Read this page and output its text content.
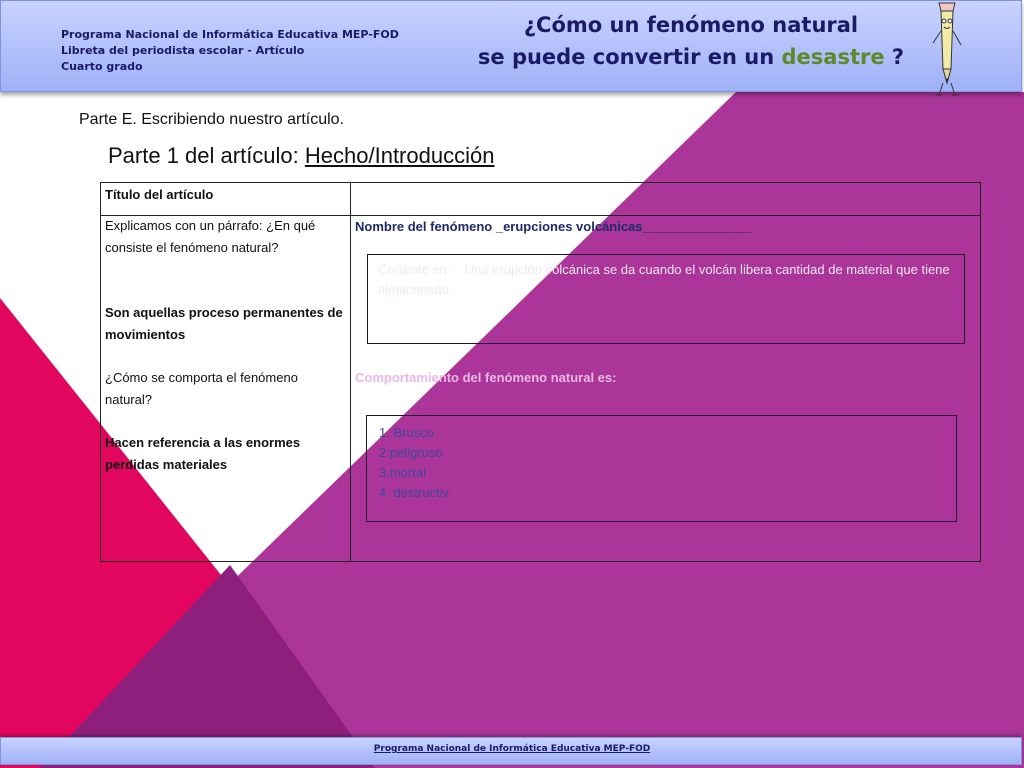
Programa Nacional de Informática Educativa MEP-FOD
Libreta del periodista escolar - Artículo
Cuarto grado
¿Cómo un fenómeno natural
se puede convertir en un desastre ?
Parte E. Escribiendo nuestro artículo.
Parte 1 del artículo: Hecho/Introducción
Título del artículo
Explicamos con un párrafo: ¿En qué consiste el fenómeno natural?
Son aquellas proceso permanentes de movimientos
¿Cómo se comporta el fenómeno natural?
Hacen referencia a las enormes perdidas materiales
Nombre del fenómeno _erupciones volcánicas_______________
Consiste en: Una erupción volcánica se da cuando el volcán libera cantidad de material que tiene almacenado.
Comportamiento del fenómeno natural es:
1. Brusco
2.peligroso
3.mortal
4. destructiv
Programa Nacional de Informática Educativa MEP-FOD
